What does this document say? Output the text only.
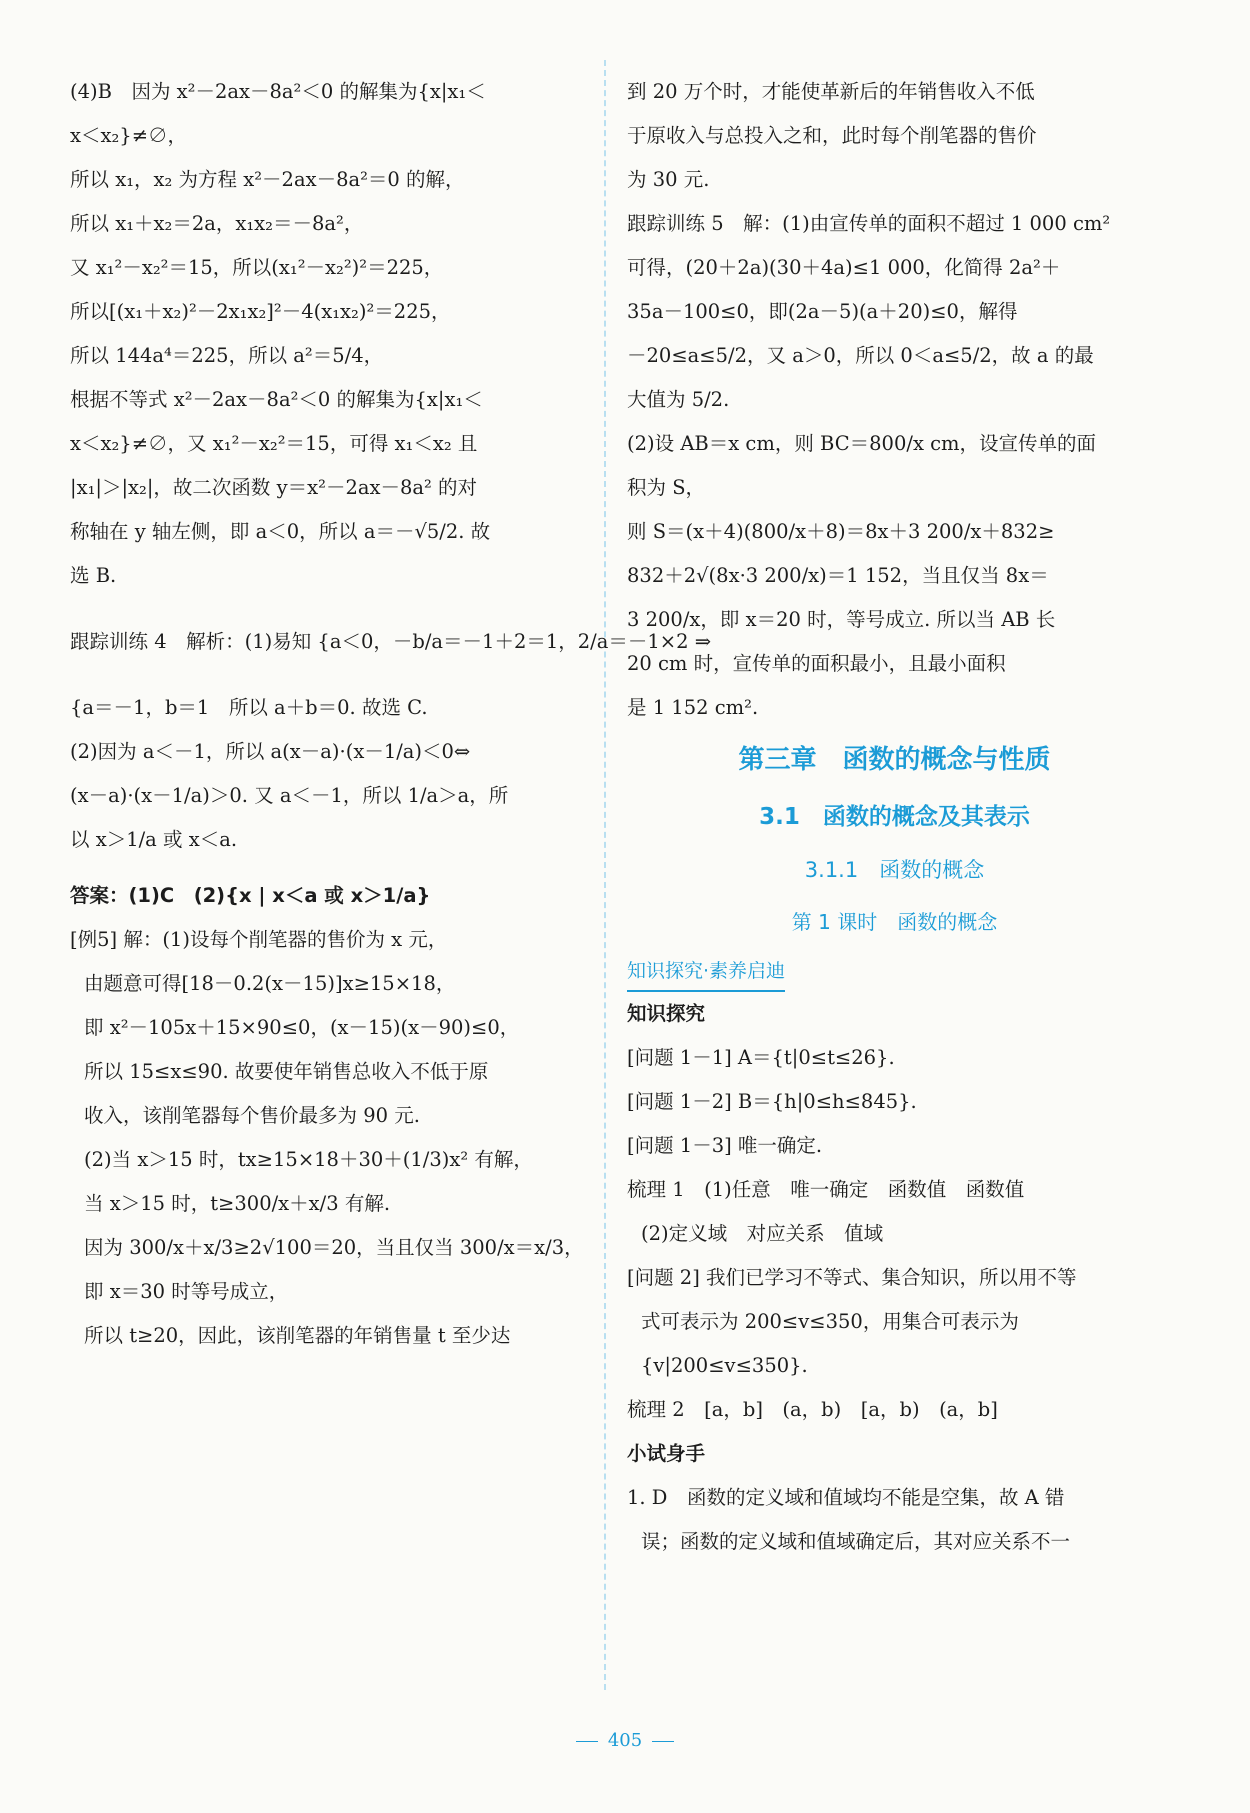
(4)B　因为 x²－2ax－8a²＜0 的解集为{x|x₁＜
x＜x₂}≠∅，
所以 x₁，x₂ 为方程 x²－2ax－8a²＝0 的解，
所以 x₁＋x₂＝2a，x₁x₂＝－8a²，
又 x₁²－x₂²＝15，所以(x₁²－x₂²)²＝225，
所以[(x₁＋x₂)²－2x₁x₂]²－4(x₁x₂)²＝225，
所以 144a⁴＝225，所以 a²＝5/4，
根据不等式 x²－2ax－8a²＜0 的解集为{x|x₁＜
x＜x₂}≠∅，又 x₁²－x₂²＝15，可得 x₁＜x₂ 且
|x₁|＞|x₂|，故二次函数 y＝x²－2ax－8a² 的对
称轴在 y 轴左侧，即 a＜0，所以 a＝－√5/2. 故
选 B.
跟踪训练 4　解析：(1)易知 {a＜0，－b/a＝－1＋2＝1，2/a＝－1×2 ⇒
{a＝－1，b＝1　所以 a＋b＝0. 故选 C.
(2)因为 a＜－1，所以 a(x－a)·(x－1/a)＜0⇔
(x－a)·(x－1/a)＞0. 又 a＜－1，所以 1/a＞a，所
以 x＞1/a 或 x＜a.
答案：(1)C　(2){x | x＜a 或 x＞1/a}
[例5] 解：(1)设每个削笔器的售价为 x 元，
由题意可得[18－0.2(x－15)]x≥15×18，
即 x²－105x＋15×90≤0，(x－15)(x－90)≤0，
所以 15≤x≤90. 故要使年销售总收入不低于原
收入，该削笔器每个售价最多为 90 元.
(2)当 x＞15 时，tx≥15×18＋30＋(1/3)x² 有解，
当 x＞15 时，t≥300/x＋x/3 有解.
因为 300/x＋x/3≥2√100＝20，当且仅当 300/x＝x/3，
即 x＝30 时等号成立，
所以 t≥20，因此，该削笔器的年销售量 t 至少达
到 20 万个时，才能使革新后的年销售收入不低
于原收入与总投入之和，此时每个削笔器的售价
为 30 元.
跟踪训练 5　解：(1)由宣传单的面积不超过 1 000 cm²
可得，(20＋2a)(30＋4a)≤1 000，化简得 2a²＋
35a－100≤0，即(2a－5)(a＋20)≤0，解得
－20≤a≤5/2，又 a＞0，所以 0＜a≤5/2，故 a 的最
大值为 5/2.
(2)设 AB＝x cm，则 BC＝800/x cm，设宣传单的面
积为 S，
则 S＝(x＋4)(800/x＋8)＝8x＋3 200/x＋832≥
832＋2√(8x·3 200/x)＝1 152，当且仅当 8x＝
3 200/x，即 x＝20 时，等号成立. 所以当 AB 长
20 cm 时，宣传单的面积最小，且最小面积
是 1 152 cm².
第三章　函数的概念与性质
3.1　函数的概念及其表示
3.1.1　函数的概念
第 1 课时　函数的概念
知识探究·素养启迪
知识探究
[问题 1－1] A＝{t|0≤t≤26}.
[问题 1－2] B＝{h|0≤h≤845}.
[问题 1－3] 唯一确定.
梳理 1　(1)任意　唯一确定　函数值　函数值
(2)定义域　对应关系　值域
[问题 2] 我们已学习不等式、集合知识，所以用不等
式可表示为 200≤v≤350，用集合可表示为
{v|200≤v≤350}.
梳理 2　[a，b]　(a，b)　[a，b)　(a，b]
小试身手
1. D　函数的定义域和值域均不能是空集，故 A 错
误；函数的定义域和值域确定后，其对应关系不一
405
